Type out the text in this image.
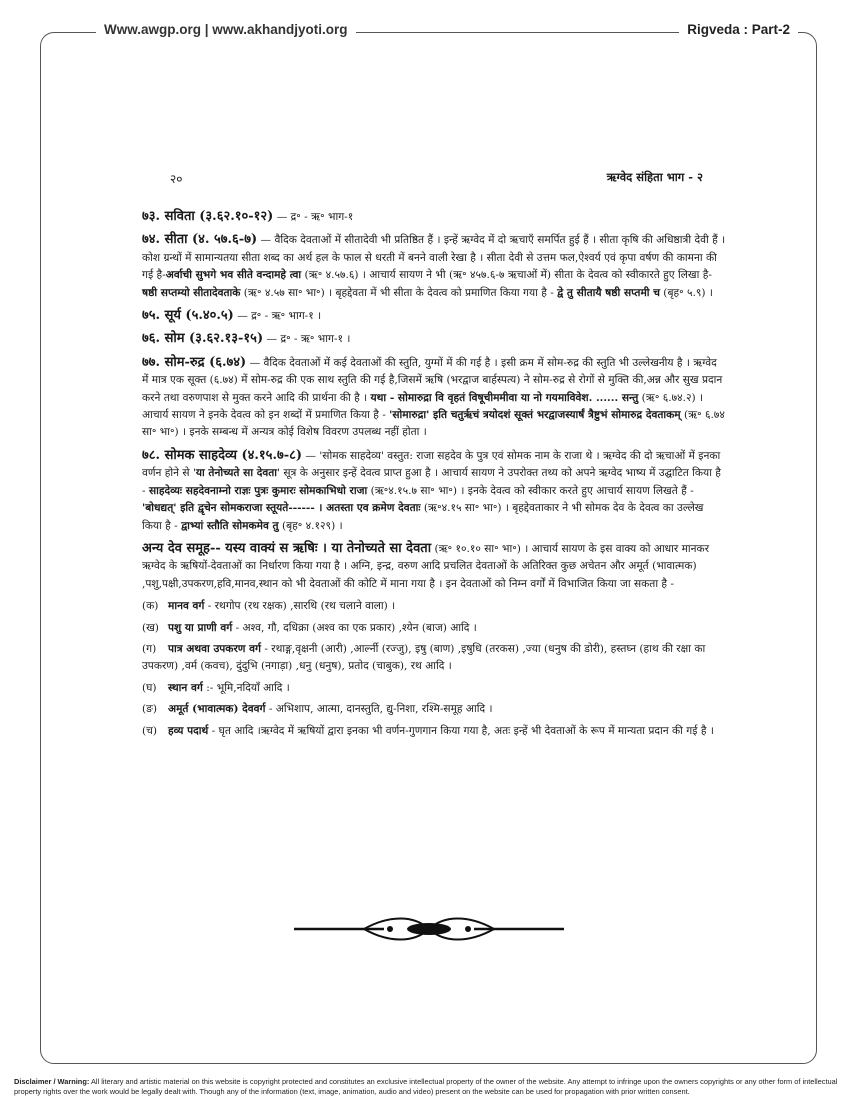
Www.awgp.org | www.akhandjyoti.org	Rigveda : Part-2
२०	ऋग्वेद संहिता भाग - २
७३. सविता (३.६२.१०-१२) — द्र॰ - ऋ॰ भाग-१
७४. सीता (४. ५७.६-७) — वैदिक देवताओं में सीतादेवी भी प्रतिष्ठित हैं । इन्हें ऋग्वेद में दो ऋचाएँ समर्पित हुई हैं । सीता कृषि की अधिष्ठात्री देवी हैं । कोश ग्रन्थों में सामान्यतया सीता शब्द का अर्थ हल के फाल से धरती में बनने वाली रेखा है । सीता देवी से उत्तम फल,ऐश्वर्य एवं कृपा वर्षण की कामना की गई है-अर्वाची सुभगे भव सीते वन्दामहे त्वा (ऋ॰ ४.५७.६) । आचार्य सायण ने भी (ऋ॰ ४५७.६-७ ऋचाओं में) सीता के देवत्व को स्वीकारते हुए लिखा है- षष्ठी सप्तम्यो सीतादेवताके (ऋ॰ ४.५७ सा॰ भा॰) । बृहद्देवता में भी सीता के देवत्व को प्रमाणित किया गया है - द्वे तु सीतायै षष्ठी सप्तमी च (बृह॰ ५.९) ।
७५. सूर्य (५.४०.५) — द्र॰ - ऋ॰ भाग-१ ।
७६. सोम (३.६२.१३-१५) — द्र॰ - ऋ॰ भाग-१ ।
७७. सोम-रुद्र (६.७४) — वैदिक देवताओं में कई देवताओं की स्तुति, युग्मों में की गई है । इसी क्रम में सोम-रुद्र की स्तुति भी उल्लेखनीय है । ऋग्वेद में मात्र एक सूक्त (६.७४) में सोम-रुद्र की एक साथ स्तुति की गई है,जिसमें ऋषि (भरद्वाज बार्हस्पत्य) ने सोम-रुद्र से रोगों से मुक्ति की,अन्न और सुख प्रदान करने तथा वरुणपाश से मुक्त करने आदि की प्रार्थना की है । यथा - सोमारुद्रा वि वृहतं विषूचीममीवा या नो गयमाविवेश. ...... सन्तु (ऋ॰ ६.७४.२) । आचार्य सायण ने इनके देवत्व को इन शब्दों में प्रमाणित किया है - 'सोमारुद्रा' इति चतुर्ऋचं त्रयोदशं सूक्तं भरद्वाजस्यार्षं त्रैष्टुभं सोमारुद्र देवताकम् (ऋ॰ ६.७४ सा॰ भा॰) । इनके सम्बन्ध में अन्यत्र कोई विशेष विवरण उपलब्ध नहीं होता ।
७८. सोमक साहदेव्य (४.१५.७-८) — 'सोमक साहदेव्य' वस्तुत: राजा सहदेव के पुत्र एवं सोमक नाम के राजा थे । ऋग्वेद की दो ऋचाओं में इनका वर्णन होने से 'या तेनोच्यते सा देवता' सूत्र के अनुसार इन्हें देवत्व प्राप्त हुआ है । आचार्य सायण ने उपरोक्त तथ्य को अपने ऋग्वेद भाष्य में उद्घाटित किया है - साहदेव्यः सहदेवनाम्नो राज्ञः पुत्रः कुमारः सोमकाभिधो राजा (ऋ॰४.१५.७ सा॰ भा॰) । इनके देवत्व को स्वीकार करते हुए आचार्य सायण लिखते हैं - 'बोधद्यत्' इति द्वृचेन सोमकराजा स्तूयते------ । अतस्ता एव क्रमेण देवताः (ऋ॰४.१५ सा॰ भा॰) । बृहद्देवताकार ने भी सोमक देव के देवत्व का उल्लेख किया है - द्वाभ्यां स्तौति सोमकमेव तु (बृह॰ ४.१२९) ।
अन्य देव समूह-- यस्य वाक्यं स ऋषिः । या तेनोच्यते सा देवता (ऋ॰ १०.१० सा॰ भा॰) । आचार्य सायण के इस वाक्य को आधार मानकर ऋग्वेद के ऋषियों-देवताओं का निर्धारण किया गया है । अग्नि, इन्द्र, वरुण आदि प्रचलित देवताओं के अतिरिक्त कुछ अचेतन और अमूर्त (भावात्मक) ,पशु,पक्षी,उपकरण,हवि,मानव,स्थान को भी देवताओं की कोटि में माना गया है । इन देवताओं को निम्न वर्गों में विभाजित किया जा सकता है -
(क) मानव वर्ग - रथगोप (रथ रक्षक) ,सारथि (रथ चलाने वाला) ।
(ख) पशु या प्राणी वर्ग - अश्व, गौ, दधिक्रा (अश्व का एक प्रकार) ,श्येन (बाज) आदि ।
(ग) पात्र अथवा उपकरण वर्ग - रथाङ्ग,वृक्षनी (आरी) ,आर्ल्नी (रज्जु), इषु (बाण) ,इषुधि (तरकस) ,ज्या (धनुष की डोरी), हस्तघ्न (हाथ की रक्षा का उपकरण) ,वर्म (कवच), दुंदुभि (नगाड़ा) ,धनु (धनुष), प्रतोद (चाबुक), रथ आदि ।
(घ) स्थान वर्ग :- भूमि,नदियाँ आदि ।
(ङ) अमूर्त (भावात्मक) देववर्ग - अभिशाप, आत्मा, दानस्तुति, द्यु-निशा, रश्मि-समूह आदि ।
(च) हव्य पदार्थ - घृत आदि ।ऋग्वेद में ऋषियों द्वारा इनका भी वर्णन-गुणगान किया गया है, अतः इन्हें भी देवताओं के रूप में मान्यता प्रदान की गई है ।
Disclaimer / Warning: All literary and artistic material on this website is copyright protected and constitutes an exclusive intellectual property of the owner of the website. Any attempt to infringe upon the owners copyrights or any other form of intellectual property rights over the work would be legally dealt with. Though any of the information (text, image, animation, audio and video) present on the website can be used for propagation with prior written consent.
